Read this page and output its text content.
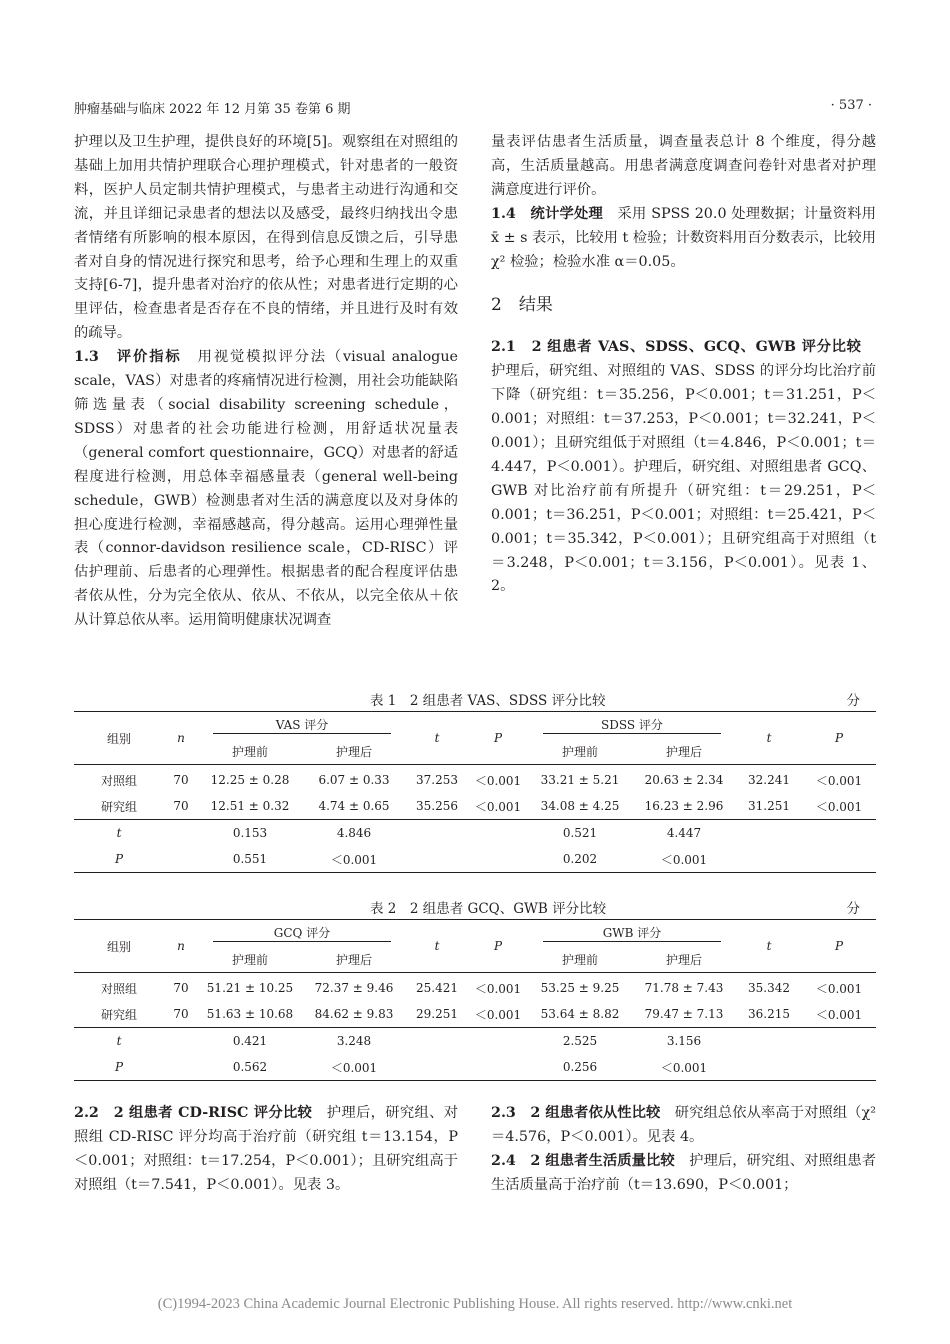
肿瘤基础与临床 2022 年 12 月第 35 卷第 6 期	· 537 ·

护理以及卫生护理，提供良好的环境[5]。观察组在对照组的基础上加用共情护理联合心理护理模式，针对患者的一般资料，医护人员定制共情护理模式，与患者主动进行沟通和交流，并且详细记录患者的想法以及感受，最终归纳找出令患者情绪有所影响的根本原因，在得到信息反馈之后，引导患者对自身的情况进行探究和思考，给予心理和生理上的双重支持[6-7]，提升患者对治疗的依从性；对患者进行定期的心里评估，检查患者是否存在不良的情绪，并且进行及时有效的疏导。

1.3　评价指标　用视觉模拟评分法（visual analogue scale，VAS）对患者的疼痛情况进行检测，用社会功能缺陷筛选量表（social disability screening schedule，SDSS）对患者的社会功能进行检测，用舒适状况量表（general comfort questionnaire，GCQ）对患者的舒适程度进行检测，用总体幸福感量表（general well-being schedule，GWB）检测患者对生活的满意度以及对身体的担心度进行检测，幸福感越高，得分越高。运用心理弹性量表（connor-davidson resilience scale，CD-RISC）评估护理前、后患者的心理弹性。根据患者的配合程度评估患者依从性，分为完全依从、依从、不依从，以完全依从＋依从计算总依从率。运用简明健康状况调查

量表评估患者生活质量，调查量表总计 8 个维度，得分越高，生活质量越高。用患者满意度调查问卷针对患者对护理满意度进行评价。

1.4　统计学处理　采用 SPSS 20.0 处理数据；计量资料用 x̄ ± s 表示，比较用 t 检验；计数资料用百分数表示，比较用 χ² 检验；检验水准 α＝0.05。

2　结果

2.1　2 组患者 VAS、SDSS、GCQ、GWB 评分比较　护理后，研究组、对照组的 VAS、SDSS 的评分均比治疗前下降（研究组：t＝35.256，P＜0.001；t＝31.251，P＜0.001；对照组：t＝37.253，P＜0.001；t＝32.241，P＜0.001）；且研究组低于对照组（t＝4.846，P＜0.001；t＝4.447，P＜0.001）。护理后，研究组、对照组患者 GCQ、GWB 对比治疗前有所提升（研究组：t＝29.251，P＜0.001；t＝36.251，P＜0.001；对照组：t＝25.421，P＜0.001；t＝35.342，P＜0.001）；且研究组高于对照组（t＝3.248，P＜0.001；t＝3.156，P＜0.001）。见表 1、2。

表 1　2 组患者 VAS、SDSS 评分比较	分
组别	n	VAS 评分		t	P	SDSS 评分		t	P
		护理前	护理后			护理前	护理后		
对照组	70	12.25 ± 0.28	6.07 ± 0.33	37.253	＜0.001	33.21 ± 5.21	20.63 ± 2.34	32.241	＜0.001
研究组	70	12.51 ± 0.32	4.74 ± 0.65	35.256	＜0.001	34.08 ± 4.25	16.23 ± 2.96	31.251	＜0.001
t		0.153	4.846			0.521	4.447		
P		0.551	＜0.001			0.202	＜0.001		
表 2　2 组患者 GCQ、GWB 评分比较	分
组别	n	GCQ 评分		t	P	GWB 评分		t	P
		护理前	护理后			护理前	护理后		
对照组	70	51.21 ± 10.25	72.37 ± 9.46	25.421	＜0.001	53.25 ± 9.25	71.78 ± 7.43	35.342	＜0.001
研究组	70	51.63 ± 10.68	84.62 ± 9.83	29.251	＜0.001	53.64 ± 8.82	79.47 ± 7.13	36.215	＜0.001
t		0.421	3.248			2.525	3.156		
P		0.562	＜0.001			0.256	＜0.001		

2.2　2 组患者 CD-RISC 评分比较　护理后，研究组、对照组 CD-RISC 评分均高于治疗前（研究组 t＝13.154，P＜0.001；对照组：t＝17.254，P＜0.001）；且研究组高于对照组（t＝7.541，P＜0.001）。见表 3。

2.3　2 组患者依从性比较　研究组总依从率高于对照组（χ²＝4.576，P＜0.001）。见表 4。

2.4　2 组患者生活质量比较　护理后，研究组、对照组患者生活质量高于治疗前（t＝13.690，P＜0.001；

(C)1994-2023 China Academic Journal Electronic Publishing House. All rights reserved. http://www.cnki.net
